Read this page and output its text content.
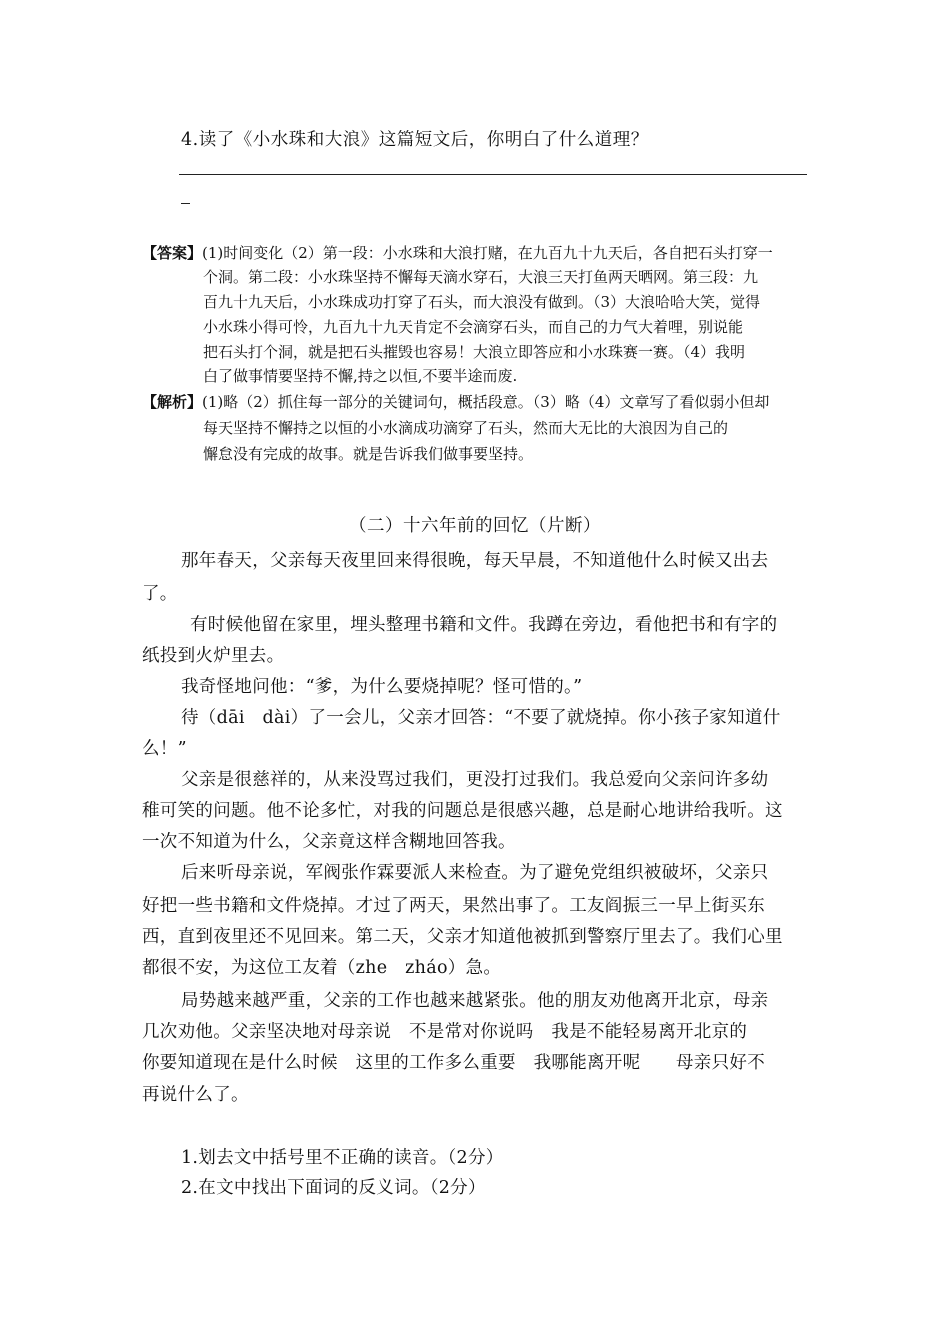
4.读了《小水珠和大浪》这篇短文后，你明白了什么道理？
【答案】 (1)时间变化（2）第一段：小水珠和大浪打赌，在九百九十九天后，各自把石头打穿一
个洞。第二段：小水珠坚持不懈每天滴水穿石，大浪三天打鱼两天晒网。第三段：九
百九十九天后，小水珠成功打穿了石头，而大浪没有做到。（3）大浪哈哈大笑，觉得
小水珠小得可怜，九百九十九天肯定不会滴穿石头，而自己的力气大着哩，别说能
把石头打个洞，就是把石头摧毁也容易！大浪立即答应和小水珠赛一赛。（4）我明
白了做事情要坚持不懈,持之以恒,不要半途而废.
【解析】 (1)略（2）抓住每一部分的关键词句，概括段意。（3）略（4）文章写了看似弱小但却
每天坚持不懈持之以恒的小水滴成功滴穿了石头，然而大无比的大浪因为自己的
懈怠没有完成的故事。就是告诉我们做事要坚持。
（二）十六年前的回忆（片断）
那年春天，父亲每天夜里回来得很晚，每天早晨，不知道他什么时候又出去
了。
有时候他留在家里，埋头整理书籍和文件。我蹲在旁边，看他把书和有字的
纸投到火炉里去。
我奇怪地问他：“爹，为什么要烧掉呢？怪可惜的。”
待（dāi　dài）了一会儿，父亲才回答：“不要了就烧掉。你小孩子家知道什
么！”
父亲是很慈祥的，从来没骂过我们，更没打过我们。我总爱向父亲问许多幼
稚可笑的问题。他不论多忙，对我的问题总是很感兴趣，总是耐心地讲给我听。这
一次不知道为什么，父亲竟这样含糊地回答我。
后来听母亲说，军阀张作霖要派人来检查。为了避免党组织被破坏，父亲只
好把一些书籍和文件烧掉。才过了两天，果然出事了。工友阎振三一早上街买东
西，直到夜里还不见回来。第二天，父亲才知道他被抓到警察厅里去了。我们心里
都很不安，为这位工友着（zhe　zháo）急。
局势越来越严重，父亲的工作也越来越紧张。他的朋友劝他离开北京，母亲
几次劝他。父亲坚决地对母亲说　不是常对你说吗　我是不能轻易离开北京的
你要知道现在是什么时候　这里的工作多么重要　我哪能离开呢　　母亲只好不
再说什么了。
1.划去文中括号里不正确的读音。（2分）
2.在文中找出下面词的反义词。（2分）
